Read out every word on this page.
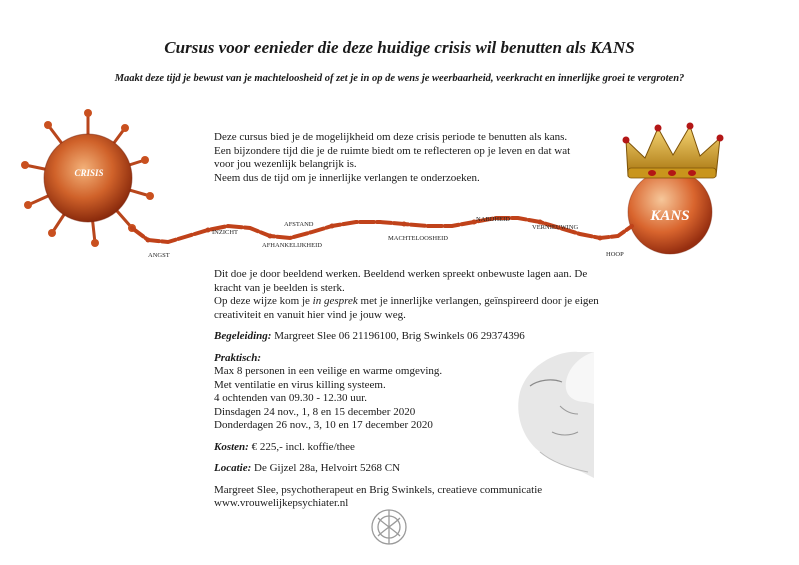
Cursus voor eenieder die deze huidige crisis wil benutten als KANS
Maakt deze tijd je bewust van je machteloosheid of zet je in op de wens je weerbaarheid, veerkracht en innerlijke groei te vergroten?
CRISIS
KANS
ANGST
INZICHT
AFSTAND
AFHANKELIJKHEID
MACHTELOOSHEID
NABIJHEID
VERNIEUWING
HOOP

Deze cursus bied je de mogelijkheid om deze crisis periode te benutten als kans.

Een bijzondere tijd die je de ruimte biedt om te reflecteren op je leven en dat wat voor jou wezenlijk belangrijk is.

Neem dus de tijd om je innerlijke verlangen te onderzoeken.

Dit doe je door beeldend werken. Beeldend werken spreekt onbewuste lagen aan. De kracht van je beelden is sterk.

Op deze wijze kom je in gesprek met je innerlijke verlangen, geïnspireerd door je eigen creativiteit en vanuit hier vind je jouw weg.

Begeleiding: Margreet Slee 06 21196100, Brig Swinkels 06 29374396

Praktisch:

Max 8 personen in een veilige en warme omgeving.

Met ventilatie en virus killing systeem.

4 ochtenden van 09.30 - 12.30 uur.

Dinsdagen 24 nov., 1, 8 en 15 december 2020

Donderdagen 26 nov., 3, 10 en 17 december 2020

Kosten: € 225,- incl. koffie/thee

Locatie: De Gijzel 28a, Helvoirt 5268 CN

Margreet Slee, psychotherapeut en Brig Swinkels, creatieve communicatie

www.vrouwelijkepsychiater.nl
